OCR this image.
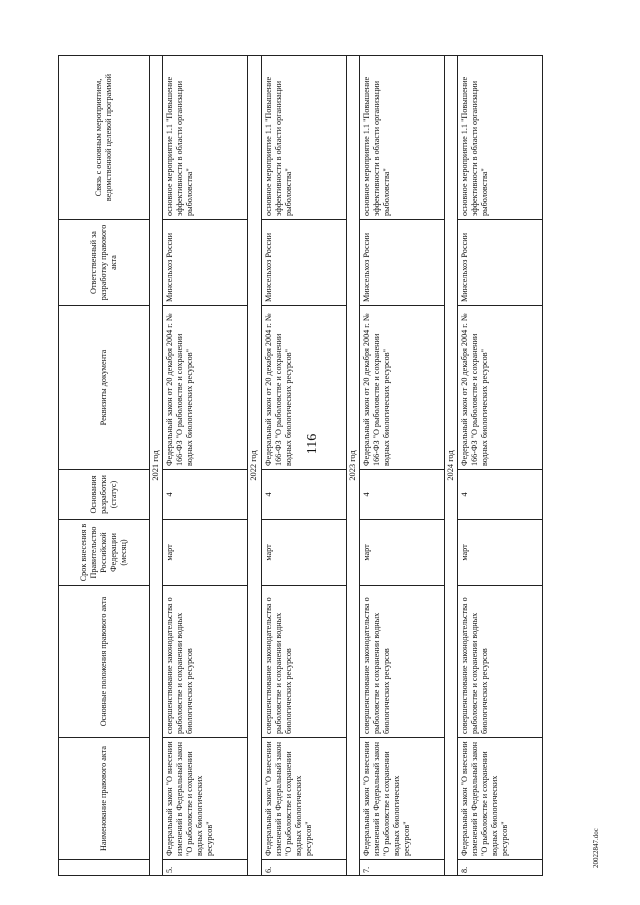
116
	Наименование правового акта	Основные положения правового акта	Срок внесения в Правительство Российской Федерации (месяц)	Основания разработки (статус)	Реквизиты документа	Ответственный за разработку правового акта	Связь с основным мероприятием, ведомственной целевой программой
2021 год							
5.	Федеральный закон "О внесении изменений в Федеральный закон "О рыболовстве и сохранении водных биологических ресурсов"	совершенствование законодательства о рыболовстве и сохранении водных биологических ресурсов	март	4	Федеральный закон от 20 декабря 2004 г. № 166-ФЗ "О рыболовстве и сохранении водных биологических ресурсов"	Минсельхоз России	основное мероприятие 1.1 "Повышение эффективности в области организации рыболовства"
2022 год							
6.	Федеральный закон "О внесении изменений в Федеральный закон "О рыболовстве и сохранении водных биологических ресурсов"	совершенствование законодательства о рыболовстве и сохранении водных биологических ресурсов	март	4	Федеральный закон от 20 декабря 2004 г. № 166-ФЗ "О рыболовстве и сохранении водных биологических ресурсов"	Минсельхоз России	основное мероприятие 1.1 "Повышение эффективности в области организации рыболовства"
2023 год							
7.	Федеральный закон "О внесении изменений в Федеральный закон "О рыболовстве и сохранении водных биологических ресурсов"	совершенствование законодательства о рыболовстве и сохранении водных биологических ресурсов	март	4	Федеральный закон от 20 декабря 2004 г. № 166-ФЗ "О рыболовстве и сохранении водных биологических ресурсов"	Минсельхоз России	основное мероприятие 1.1 "Повышение эффективности в области организации рыболовства"
2024 год							
8.	Федеральный закон "О внесении изменений в Федеральный закон "О рыболовстве и сохранении водных биологических ресурсов"	совершенствование законодательства о рыболовстве и сохранении водных биологических ресурсов	март	4	Федеральный закон от 20 декабря 2004 г. № 166-ФЗ "О рыболовстве и сохранении водных биологических ресурсов"	Минсельхоз России	основное мероприятие 1.1 "Повышение эффективности в области организации рыболовства"
20022847.doc
